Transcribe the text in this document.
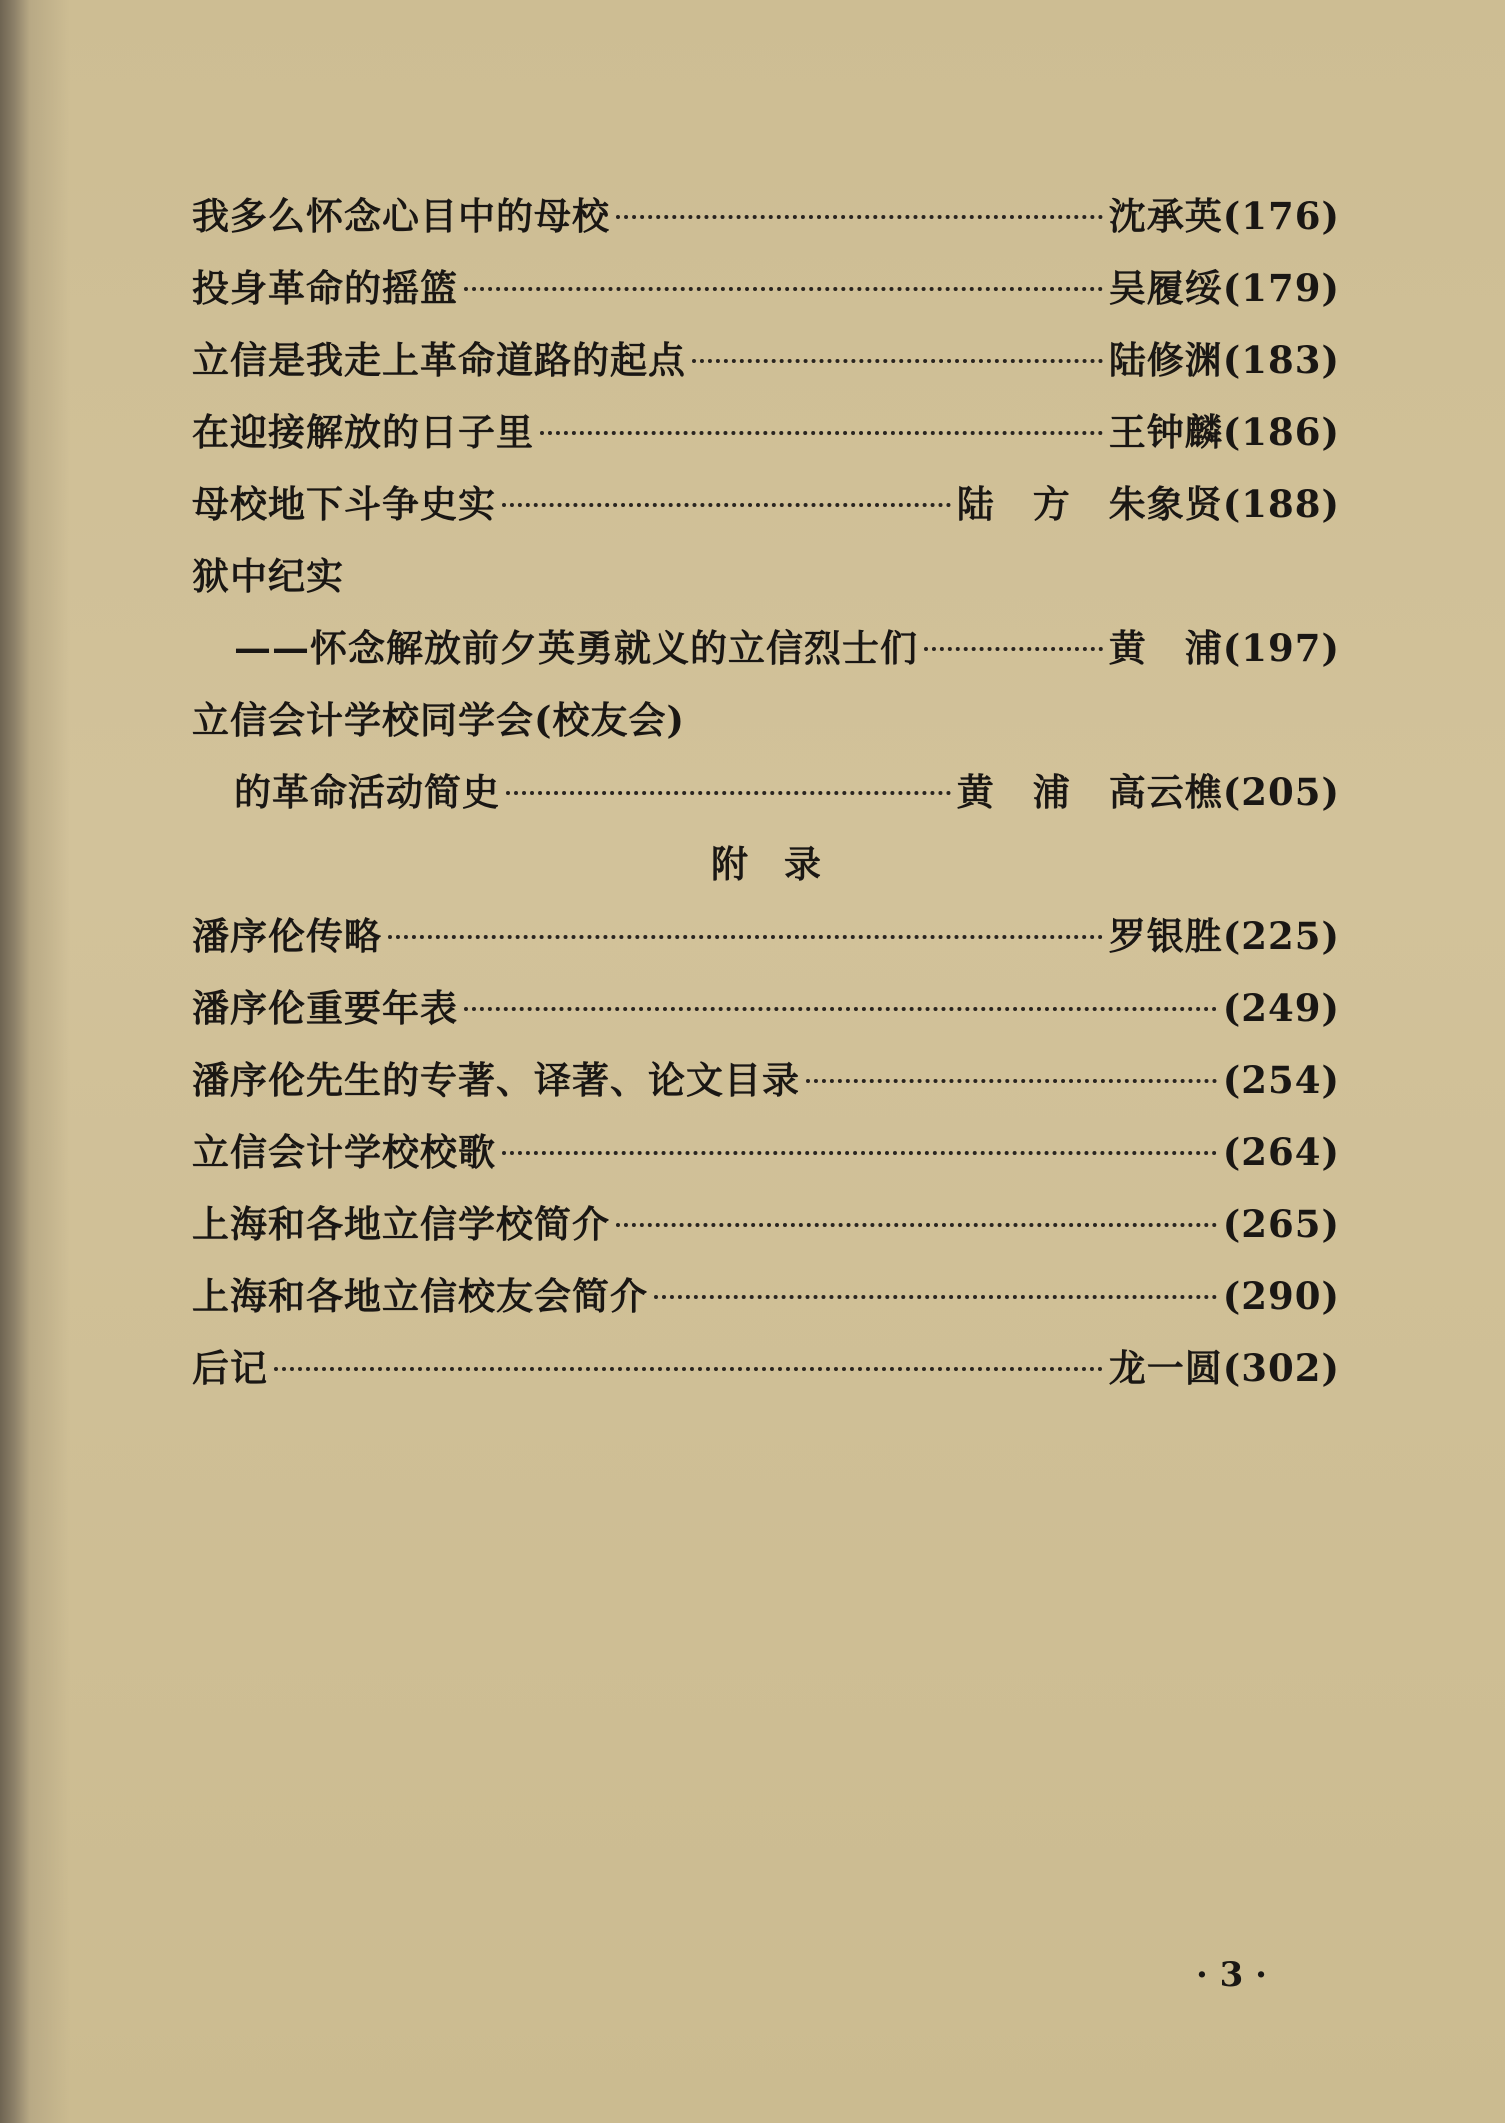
我多么怀念心目中的母校	沈承英 (176)
投身革命的摇篮	吴履绥 (179)
立信是我走上革命道路的起点	陆修渊 (183)
在迎接解放的日子里	王钟麟 (186)
母校地下斗争史实	陆　方　朱象贤 (188)
狱中纪实
——怀念解放前夕英勇就义的立信烈士们	黄　浦 (197)
立信会计学校同学会(校友会)
的革命活动简史	黄　浦　高云樵 (205)
附录
潘序伦传略	罗银胜 (225)
潘序伦重要年表	(249)
潘序伦先生的专著、译著、论文目录	(254)
立信会计学校校歌	(264)
上海和各地立信学校简介	(265)
上海和各地立信校友会简介	(290)
后记	龙一圆 (302)
· 3 ·
